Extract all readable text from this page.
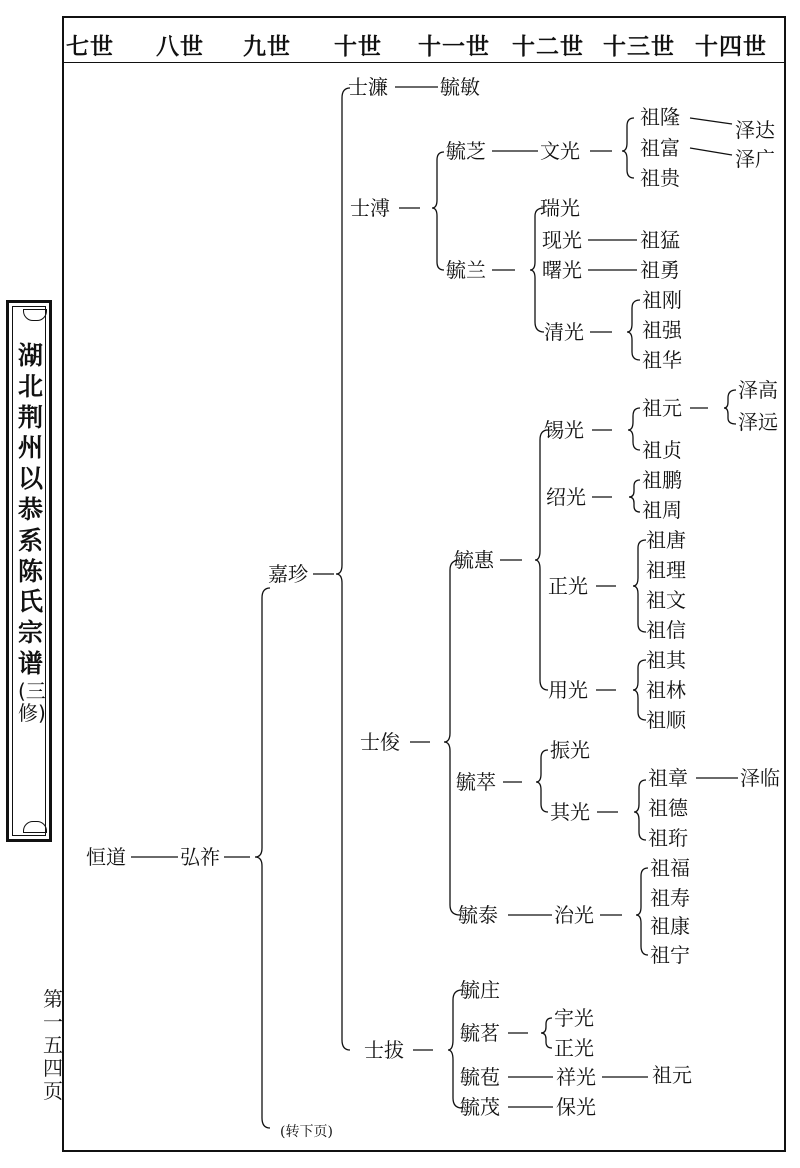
七世 八世 九世 十世 十一世 十二世 十三世 十四世
湖北荆州以恭系陈氏宗谱
(三修)
第一五四页
恒道	弘祚
嘉珍
士濂	毓敏
士溥
毓芝	文光
祖隆
泽达
祖富	泽广
祖贵
毓兰
瑞光
现光	祖猛
曙光	祖勇
清光
祖刚
祖强
祖华
士俊
毓惠
锡光
祖元
泽高
泽远
祖贞
绍光
祖鹏
祖周
正光
祖唐
祖理
祖文
祖信
用光
祖其
祖林
祖顺
毓萃
振光
其光
祖章	泽临
祖德
祖珩
毓泰	治光
祖福
祖寿
祖康
祖宁
士拔
毓庄
毓茗
宇光
正光
毓苞	祥光	祖元
毓茂	保光
(转下页)
